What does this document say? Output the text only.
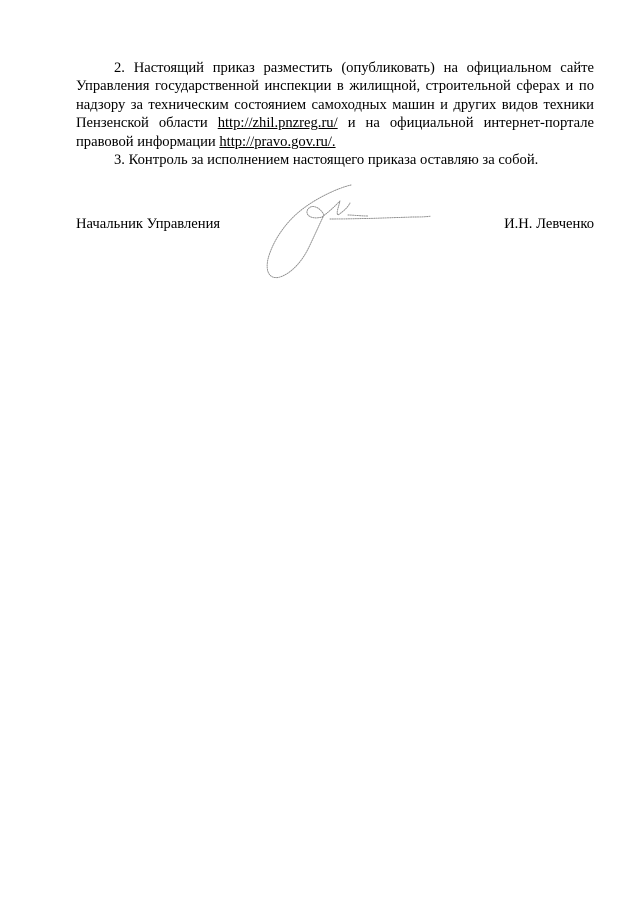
2. Настоящий приказ разместить (опубликовать) на официальном сайте Управления государственной инспекции в жилищной, строительной сферах и по надзору за техническим состоянием самоходных машин и других видов техники Пензенской области http://zhil.pnzreg.ru/ и на официальной интернет-портале правовой информации http://pravo.gov.ru/.

3. Контроль за исполнением настоящего приказа оставляю за собой.

Начальник Управления	И.Н. Левченко
